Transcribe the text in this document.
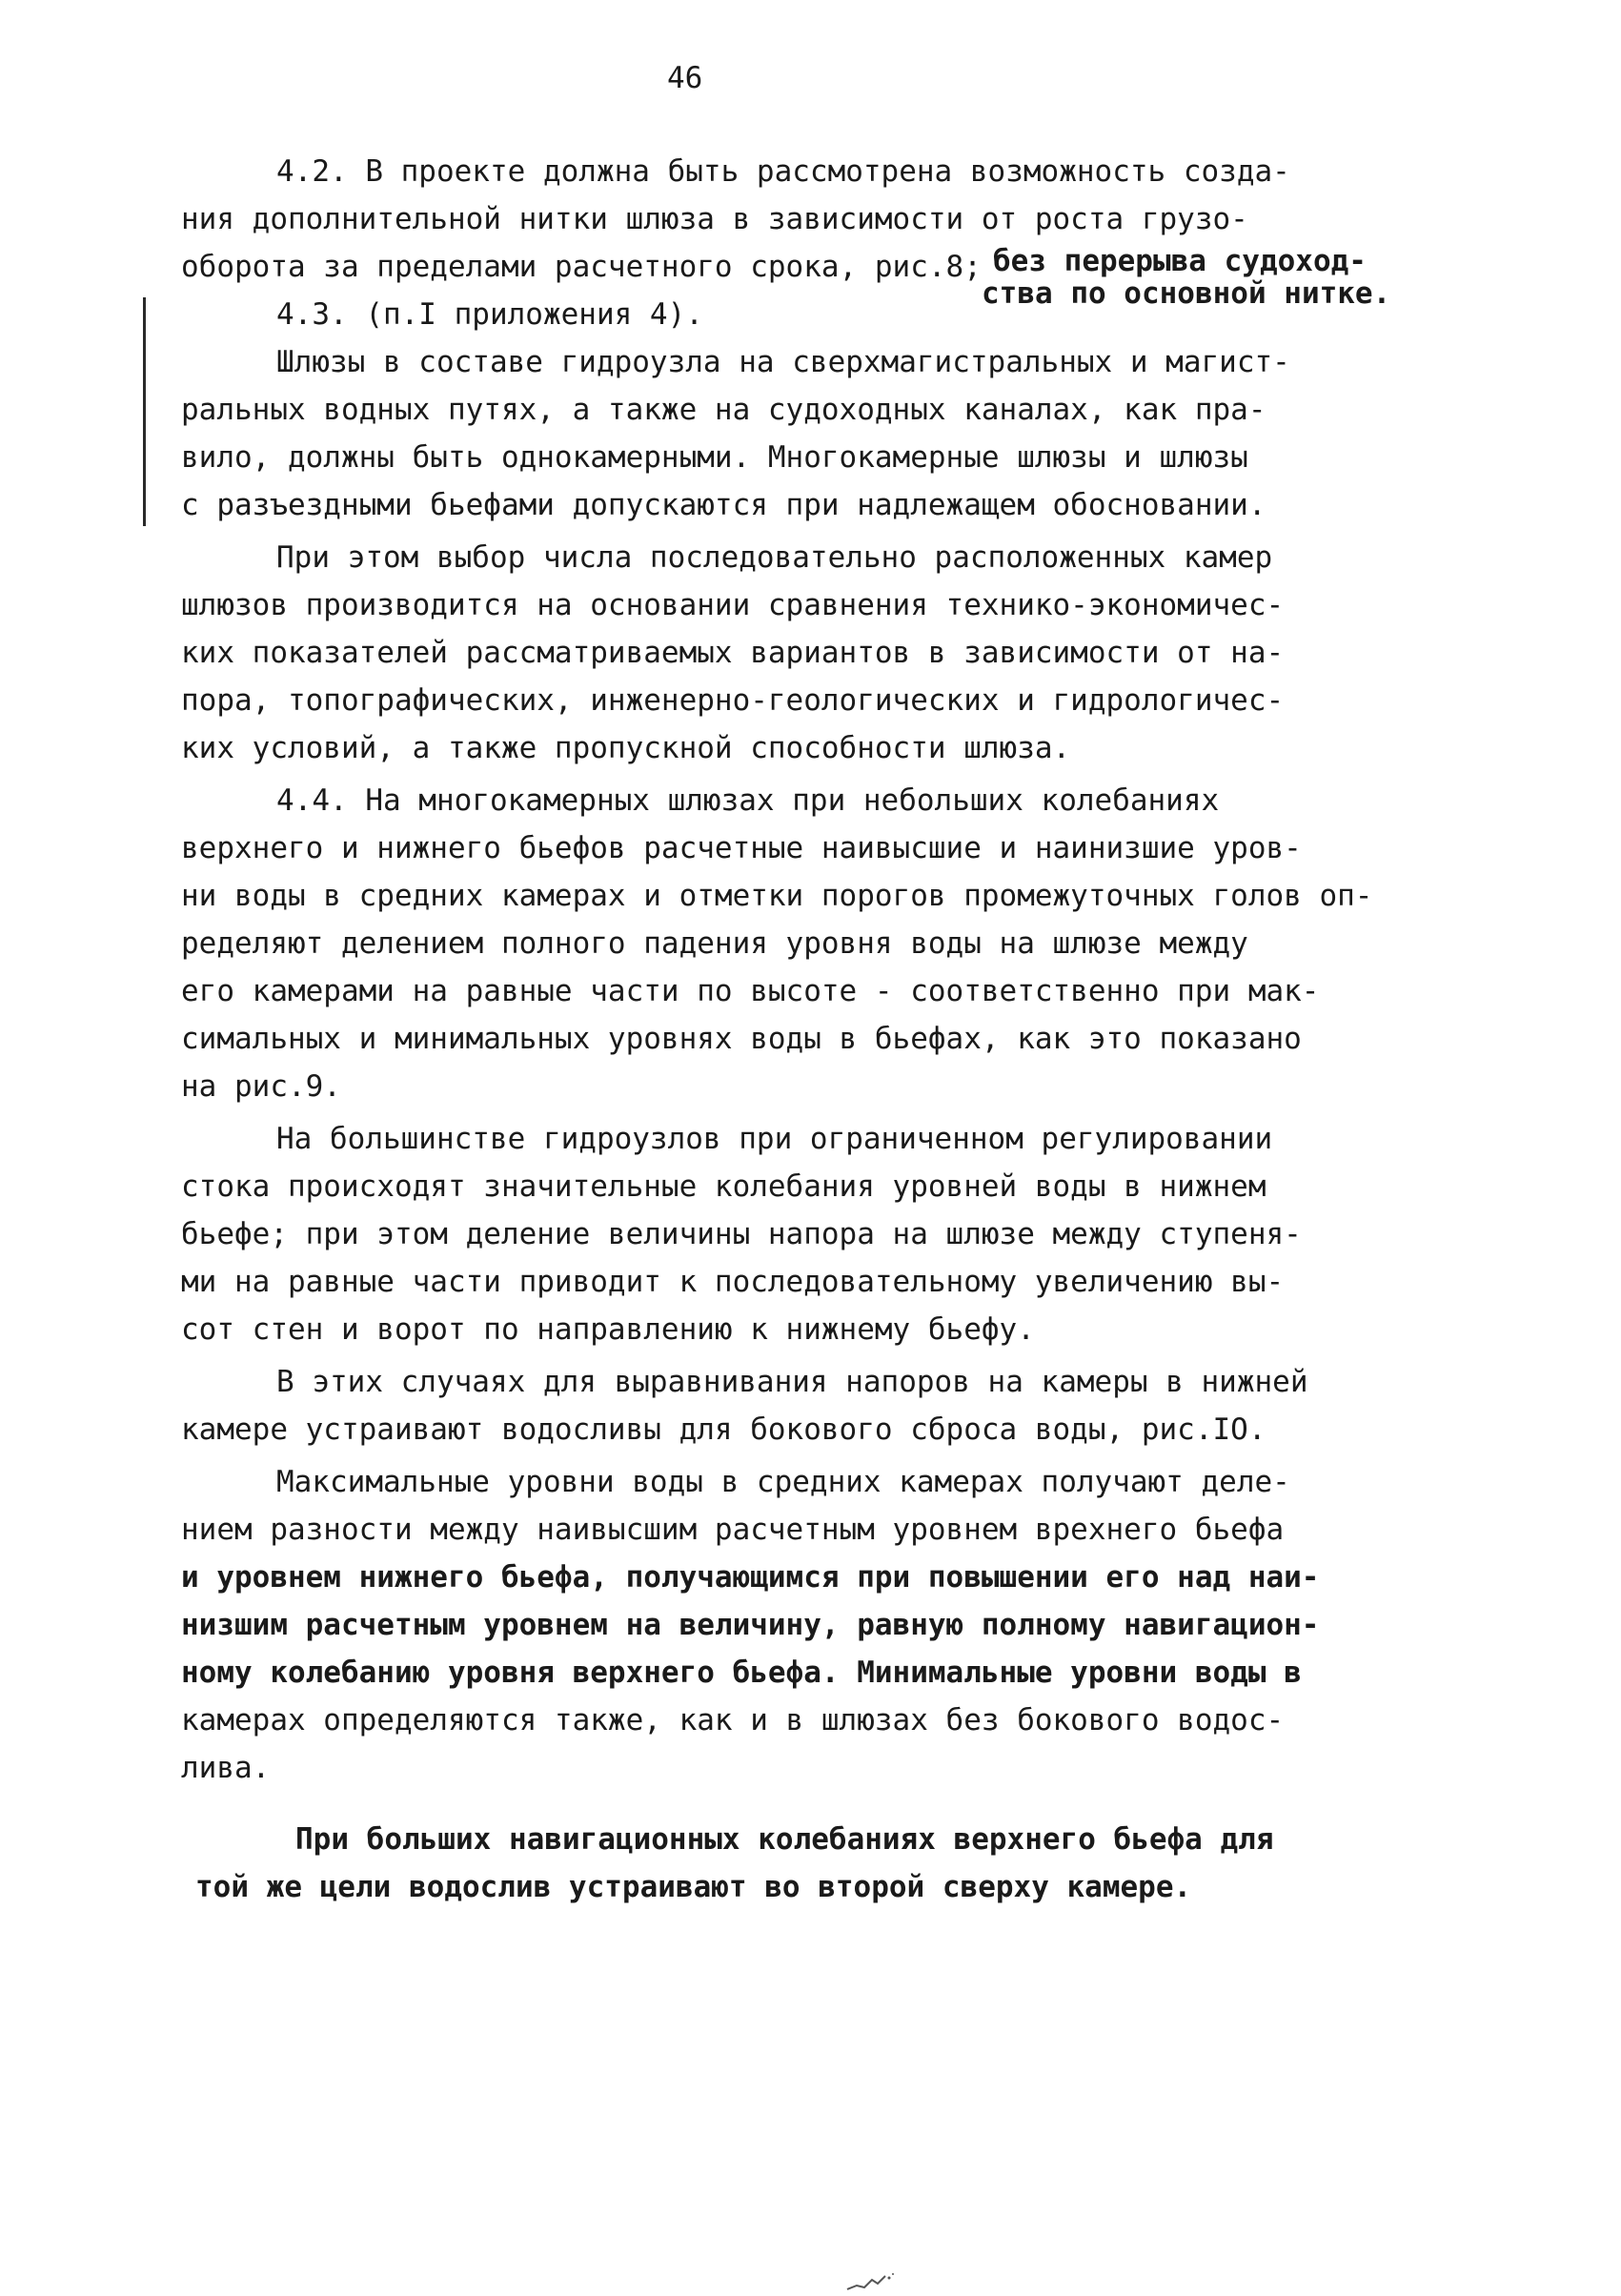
46
4.2. В проекте должна быть рассмотрена возможность созда-
ния дополнительной нитки шлюза в зависимости от роста грузо-
оборота за пределами расчетного срока, рис.8; без перерыва судоход-
ства по основной нитке.
4.3. (п.I приложения 4).
Шлюзы в составе гидроузла на сверхмагистральных и магист-
ральных водных путях, а также на судоходных каналах, как пра-
вило, должны быть однокамерными. Многокамерные шлюзы и шлюзы
с разъездными бьефами допускаются при надлежащем обосновании.
При этом выбор числа последовательно расположенных камер
шлюзов производится на основании сравнения технико-экономичес-
ких показателей рассматриваемых вариантов в зависимости от на-
пора, топографических, инженерно-геологических и гидрологичес-
ких условий, а также пропускной способности шлюза.
4.4. На многокамерных шлюзах при небольших колебаниях
верхнего и нижнего бьефов расчетные наивысшие и наинизшие уров-
ни воды в средних камерах и отметки порогов промежуточных голов оп-
ределяют делением полного падения уровня воды на шлюзе между
его камерами на равные части по высоте - соответственно при мак-
симальных и минимальных уровнях воды в бьефах, как это показано
на рис.9.
На большинстве гидроузлов при ограниченном регулировании
стока происходят значительные колебания уровней воды в нижнем
бьефе; при этом деление величины напора на шлюзе между ступеня-
ми на равные части приводит к последовательному увеличению вы-
сот стен и ворот по направлению к нижнему бьефу.
В этих случаях для выравнивания напоров на камеры в нижней
камере устраивают водосливы для бокового сброса воды, рис.IO.
Максимальные уровни воды в средних камерах получают деле-
нием разности между наивысшим расчетным уровнем врехнего бьефа
и уровнем нижнего бьефа, получающимся при повышении его над наи-
низшим расчетным уровнем на величину, равную полному навигацион-
ному колебанию уровня верхнего бьефа. Минимальные уровни воды в
камерах определяются также, как и в шлюзах без бокового водос-
лива.
При больших навигационных колебаниях верхнего бьефа для
той же цели водослив устраивают во второй сверху камере.
